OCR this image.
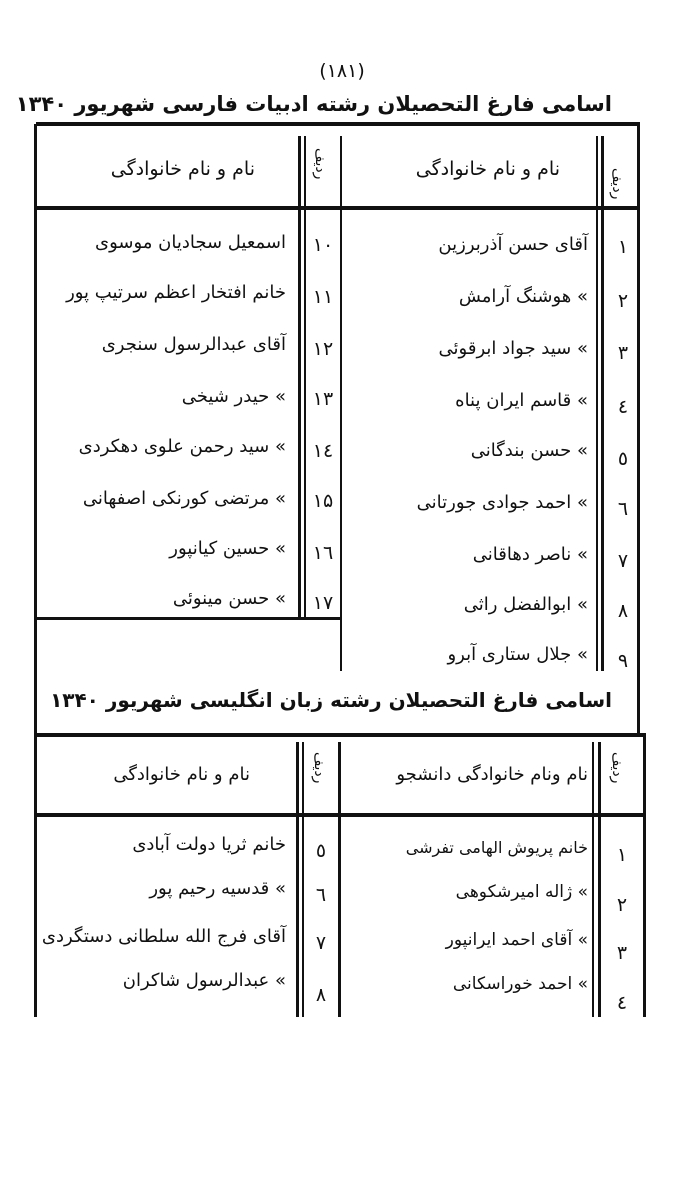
(۱۸۱)
اسامی فارغ التحصیلان رشته ادبیات فارسی شهریور ۱۳۴۰
ردیف
نام و نام خانوادگی
ردیف
نام و نام خانوادگی
۱
آقای حسن آذربرزین
۲
» هوشنگ آرامش
۳
» سید جواد ابرقوئی
٤
» قاسم ایران پناه
٥
» حسن بندگانی
٦
» احمد جوادی جورتانی
۷
» ناصر دهاقانی
۸
» ابوالفضل راثی
۹
» جلال ستاری آبرو
۱۰
اسمعیل سجادیان موسوی
۱۱
خانم افتخار اعظم سرتیپ پور
۱۲
آقای عبدالرسول سنجری
۱۳
» حیدر شیخی
١٤
» سید رحمن علوی دهکردی
۱۵
» مرتضی کورنکی اصفهانی
۱٦
» حسین کیانپور
۱۷
» حسن مینوئی
اسامی فارغ التحصیلان رشته زبان انگلیسی شهریور ۱۳۴۰
ردیف
نام ونام خانوادگی دانشجو
ردیف
نام و نام خانوادگی
۱
خانم پریوش الهامی تفرشی
۲
» ژاله امیرشکوهی
۳
» آقای احمد ایرانپور
٤
» احمد خوراسکانی
٥
خانم ثریا دولت آبادی
٦
» قدسیه رحیم پور
۷
آقای فرج الله سلطانی دستگردی
۸
» عبدالرسول شاکران
